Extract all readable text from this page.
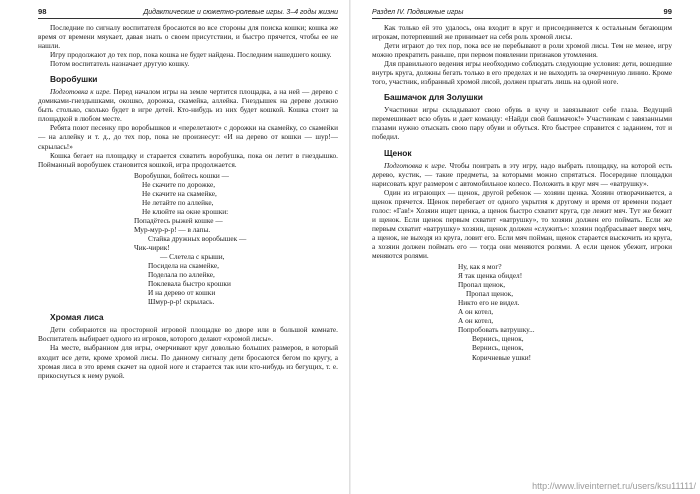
98	Дидактические и сюжетно-ролевые игры. 3–4 годы жизни

Последние по сигналу воспитателя бросаются во все стороны для поиска кошки; кошка же время от времени мяукает, давая знать о своем присутствии, и быстро прячется, чтобы ее не нашли.

Игру продолжают до тех пор, пока кошка не будет найдена. Последним нашедшего кошку.

Потом воспитатель назначает другую кошку.

Воробушки

Подготовка к игре. Перед началом игры на земле чертится площадка, а на ней — дерево с домиками-гнездышками, окошко, дорожка, скамейка, аллейка. Гнездышек на дереве должно быть столько, сколько будет в игре детей. Кто-нибудь из них будет кошкой. Кошка стоит за площадкой в любом месте.

Ребята поют песенку про воробышков и «перелетают» с дорожки на скамейку, со скамейки — на аллейку и т. д., до тех пор, пока не произнесут: «И на дерево от кошки — шур!— скрылась!»

Кошка бегает на площадку и старается схватить воробушка, пока он летит в гнездышко. Пойманный воробушек становится кошкой, игра продолжается.

Воробушки, бойтесь кошки —
Не скачите по дорожке,
Не скачите на скамейке,
Не летайте по аллейке,
Не клюйте на окне крошки:
Попадётесь рыжей кошке —
Мур-мур-р-р! — в лапы.
Стайка дружных воробышек —
Чик-чирик!
— Слетела с крыши,
Посидела на скамейке,
Поделала по аллейке,
Поклевала быстро крошки
И на дерево от кошки
Шмур-р-р! скрылась.
Хромая лиса

Дети собираются на просторной игровой площадке во дворе или в большой комнате. Воспитатель выбирает одного из игроков, которого делают «хромой лисы».

На месте, выбранном для игры, очерчивают круг довольно больших размеров, в который входит все дети, кроме хромой лисы. По данному сигналу дети бросаются бегом по кругу, а хромая лиса в это время скачет на одной ноге и старается так или кто-нибудь из бегущих, т. е. прикоснуться к нему рукой.

Раздел IV. Подвижные игры	99

Как только ей это удалось, она входит в круг и присоединяется к остальным бегающим игрокам, потерпевший же принимает на себя роль хромой лисы.

Дети играют до тех пор, пока все не перебывают в роли хромой лисы. Тем не менее, игру можно прекратить раньше, при первом появлении признаков утомления.

Для правильного ведения игры необходимо соблюдать следующие условия: дети, вошедшие внутрь круга, должны бегать только в его пределах и не выходить за очерченную линию. Кроме того, участник, избранный хромой лисой, должен прыгать лишь на одной ноге.

Башмачок для Золушки

Участники игры складывают свою обувь в кучу и завязывают себе глаза. Ведущий перемешивает всю обувь и дает команду: «Найди свой башмачок!» Участникам с завязанными глазами нужно отыскать свою пару обуви и обуться. Кто быстрее справится с заданием, тот и победил.

Щенок

Подготовка к игре. Чтобы поиграть в эту игру, надо выбрать площадку, на которой есть дерево, кустик, — такие предметы, за которыми можно спрятаться. Посередине площадки нарисовать круг размером с автомобильное колесо. Положить в круг мяч — «ватрушку».

Один из играющих — щенок, другой ребенок — хозяин щенка. Хозяин отворачивается, а щенок прячется. Щенок перебегает от одного укрытия к другому и время от времени подает голос: «Гав!» Хозяин ищет щенка, а щенок быстро схватит круга, где лежит мяч. Тут же бежит и щенок. Если щенок первым схватит «ватрушку», то хозяин должен его поймать. Если же первым схватит «ватрушку» хозяин, щенок должен «служить»: хозяин подбрасывает вверх мяч, а щенок, не выходя из круга, ловит его. Если мяч пойман, щенок старается выскочить из круга, а хозяин должен поймать его — тогда они меняются ролями. А если щенок убежит, игроки меняются ролями.

Ну, как я мог?
Я так щенка обидел!
Пропал щенок,
Пропал щенок,
Никто его не видел.
А он котел,
А он котел,
Попробовать ватрушку...
Вернись, щенок,
Вернись, щенок,
Коричневые ушки!
http://www.liveinternet.ru/users/ksu11111/
